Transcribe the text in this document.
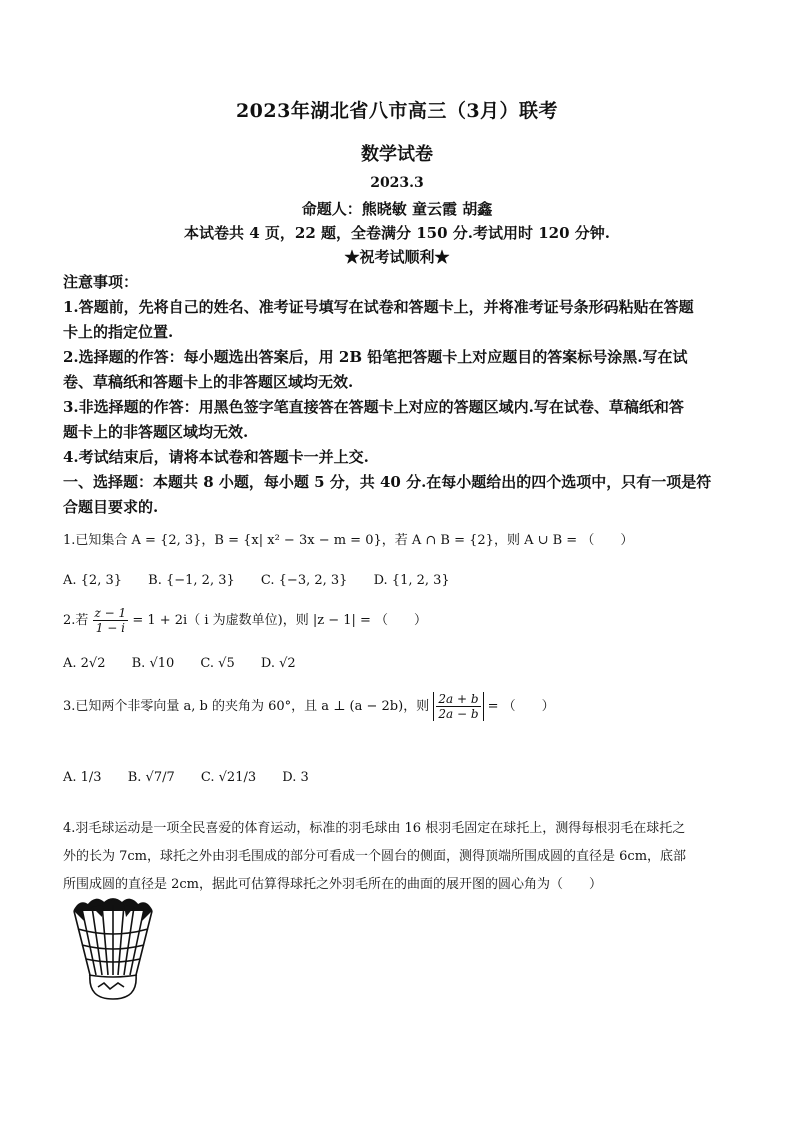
2023年湖北省八市高三（3月）联考
数学试卷
2023.3
命题人：熊晓敏 童云霞 胡鑫
本试卷共 4 页，22 题，全卷满分 150 分.考试用时 120 分钟.
★祝考试顺利★
注意事项：
1.答题前，先将自己的姓名、准考证号填写在试卷和答题卡上，并将准考证号条形码粘贴在答题
卡上的指定位置.
2.选择题的作答：每小题选出答案后，用 2B 铅笔把答题卡上对应题目的答案标号涂黑.写在试
卷、草稿纸和答题卡上的非答题区域均无效.
3.非选择题的作答：用黑色签字笔直接答在答题卡上对应的答题区域内.写在试卷、草稿纸和答
题卡上的非答题区域均无效.
4.考试结束后，请将本试卷和答题卡一并上交.
一、选择题：本题共 8 小题，每小题 5 分，共 40 分.在每小题给出的四个选项中，只有一项是符
合题目要求的.
1.已知集合 A = {2, 3}，B = {x| x² − 3x − m = 0}，若 A ∩ B = {2}，则 A ∪ B = （　　）
A. {2, 3} B. {−1, 2, 3} C. {−3, 2, 3} D. {1, 2, 3}
2.若 $\frac{z - 1}{1 - i} = 1 + 2i$（ i 为虚数单位)，则 |z − 1| = （　　）
A. 2√2 B. √10 C. √5 D. √2
3.已知两个非零向量 a, b 的夹角为 60°，且 a ⊥ (a − 2b)，则 $\frac{2a + b}{2a - b}$ = （　　）
A. 1/3 B. √7/7 C. √21/3 D. 3
4.羽毛球运动是一项全民喜爱的体育运动，标准的羽毛球由 16 根羽毛固定在球托上，测得每根羽毛在球托之
外的长为 7cm，球托之外由羽毛围成的部分可看成一个圆台的侧面，测得顶端所围成圆的直径是 6cm，底部
所围成圆的直径是 2cm，据此可估算得球托之外羽毛所在的曲面的展开图的圆心角为（　　）
